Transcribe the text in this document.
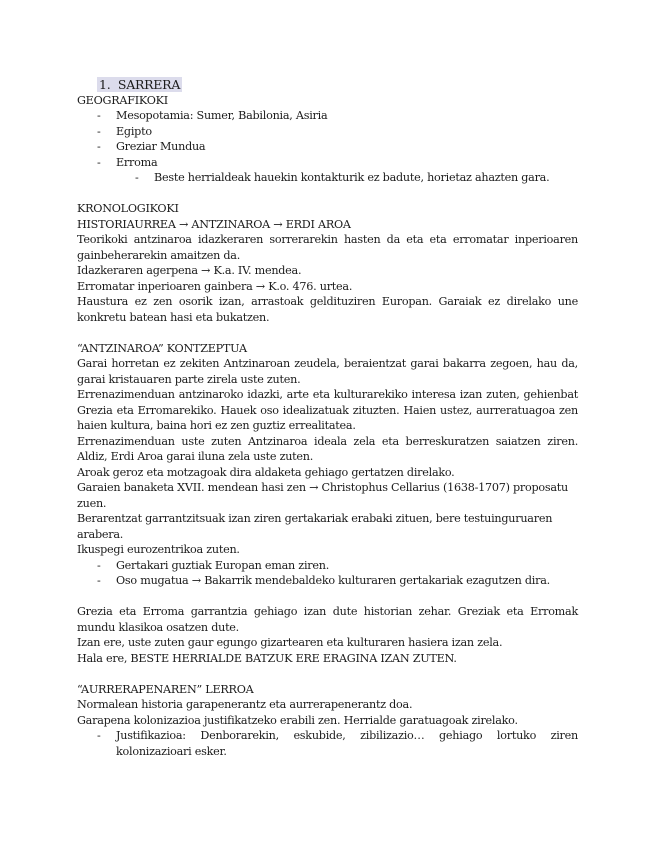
1. SARRERA

GEOGRAFIKOKI

- Mesopotamia: Sumer, Babilonia, Asiria
- Egipto
- Greziar Mundua
- Erroma
- Beste herrialdeak hauekin kontakturik ez badute, horietaz ahazten gara.

KRONOLOGIKOKI

HISTORIAURREA → ANTZINAROA → ERDI AROA

Teorikoki antzinaroa idazkeraren sorrerarekin hasten da eta eta erromatar inperioaren gainbeherarekin amaitzen da.

Idazkeraren agerpena → K.a. IV. mendea.

Erromatar inperioaren gainbera → K.o. 476. urtea.

Haustura ez zen osorik izan, arrastoak geldituziren Europan. Garaiak ez direlako une konkretu batean hasi eta bukatzen.

“ANTZINAROA” KONTZEPTUA

Garai horretan ez zekiten Antzinaroan zeudela, beraientzat garai bakarra zegoen, hau da, garai kristauaren parte zirela uste zuten.

Errenazimenduan antzinaroko idazki, arte eta kulturarekiko interesa izan zuten, gehienbat Grezia eta Erromarekiko. Hauek oso idealizatuak zituzten. Haien ustez, aurreratuagoa zen haien kultura, baina hori ez zen guztiz errealitatea.

Errenazimenduan uste zuten Antzinaroa ideala zela eta berreskuratzen saiatzen ziren. Aldiz, Erdi Aroa garai iluna zela uste zuten.

Aroak geroz eta motzagoak dira aldaketa gehiago gertatzen direlako.

Garaien banaketa XVII. mendean hasi zen → Christophus Cellarius (1638-1707) proposatu zuen.

Berarentzat garrantzitsuak izan ziren gertakariak erabaki zituen, bere testuinguruaren arabera.

Ikuspegi eurozentrikoa zuten.

- Gertakari guztiak Europan eman ziren.
- Oso mugatua → Bakarrik mendebaldeko kulturaren gertakariak ezagutzen dira.

Grezia eta Erroma garrantzia gehiago izan dute historian zehar. Greziak eta Erromak mundu klasikoa osatzen dute.

Izan ere, uste zuten gaur egungo gizartearen eta kulturaren hasiera izan zela.

Hala ere, BESTE HERRIALDE BATZUK ERE ERAGINA IZAN ZUTEN.

“AURRERAPENAREN” LERROA

Normalean historia garapenerantz eta aurrerapenerantz doa.

Garapena kolonizazioa justifikatzeko erabili zen. Herrialde garatuagoak zirelako.

- Justifikazioa: Denborarekin, eskubide, zibilizazio… gehiago lortuko ziren kolonizazioari esker.
